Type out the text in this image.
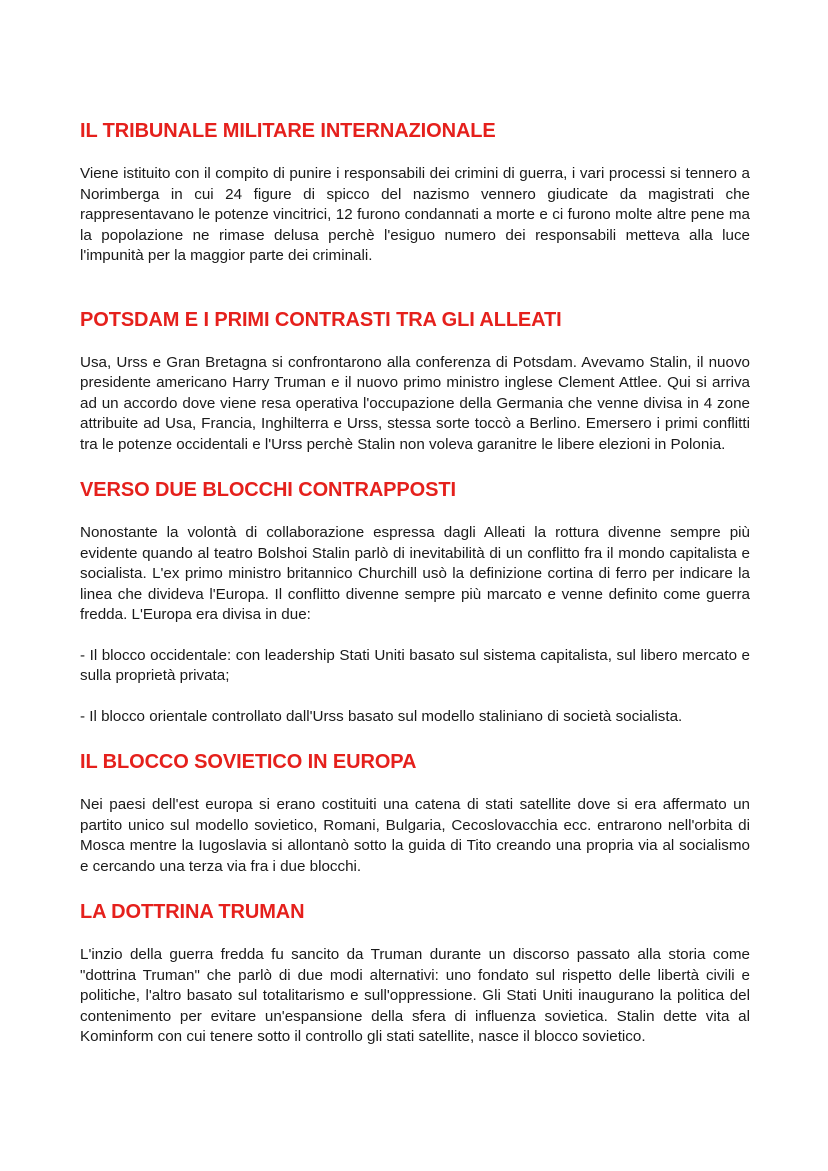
IL TRIBUNALE MILITARE INTERNAZIONALE

Viene istituito con il compito di punire i responsabili dei crimini di guerra, i vari processi si tennero a Norimberga in cui 24 figure di spicco del nazismo vennero giudicate da magistrati che rappresentavano le potenze vincitrici, 12 furono condannati a morte e ci furono molte altre pene ma la popolazione ne rimase delusa perchè l'esiguo numero dei responsabili metteva alla luce l'impunità per la maggior parte dei criminali.

POTSDAM E I PRIMI CONTRASTI TRA GLI ALLEATI

Usa, Urss e Gran Bretagna si confrontarono alla conferenza di Potsdam. Avevamo Stalin, il nuovo presidente americano Harry Truman e il nuovo primo ministro inglese Clement Attlee. Qui si arriva ad un accordo dove viene resa operativa l'occupazione della Germania che venne divisa in 4 zone attribuite ad Usa, Francia, Inghilterra e Urss, stessa sorte toccò a Berlino. Emersero i primi conflitti tra le potenze occidentali e l'Urss perchè Stalin non voleva garanitre le libere elezioni in Polonia.

VERSO DUE BLOCCHI CONTRAPPOSTI

Nonostante la volontà di collaborazione espressa dagli Alleati la rottura divenne sempre più evidente quando al teatro Bolshoi Stalin parlò di inevitabilità di un conflitto fra il mondo capitalista e socialista. L'ex primo ministro britannico Churchill usò la definizione cortina di ferro per indicare la linea che divideva l'Europa. Il conflitto divenne sempre più marcato e venne definito come guerra fredda. L'Europa era divisa in due:

- Il blocco occidentale: con leadership Stati Uniti basato sul sistema capitalista, sul libero mercato e sulla proprietà privata;

- Il blocco orientale controllato dall'Urss basato sul modello staliniano di società socialista.

IL BLOCCO SOVIETICO IN EUROPA

Nei paesi dell'est europa si erano costituiti una catena di stati satellite dove si era affermato un partito unico sul modello sovietico, Romani, Bulgaria, Cecoslovacchia ecc. entrarono nell'orbita di Mosca mentre la Iugoslavia si allontanò sotto la guida di Tito creando una propria via al socialismo e cercando una terza via fra i due blocchi.

LA DOTTRINA TRUMAN

L'inzio della guerra fredda fu sancito da Truman durante un discorso passato alla storia come "dottrina Truman" che parlò di due modi alternativi: uno fondato sul rispetto delle libertà civili e politiche, l'altro basato sul totalitarismo e sull'oppressione. Gli Stati Uniti inaugurano la politica del contenimento per evitare un'espansione della sfera di influenza sovietica. Stalin dette vita al Kominform con cui tenere sotto il controllo gli stati satellite, nasce il blocco sovietico.
